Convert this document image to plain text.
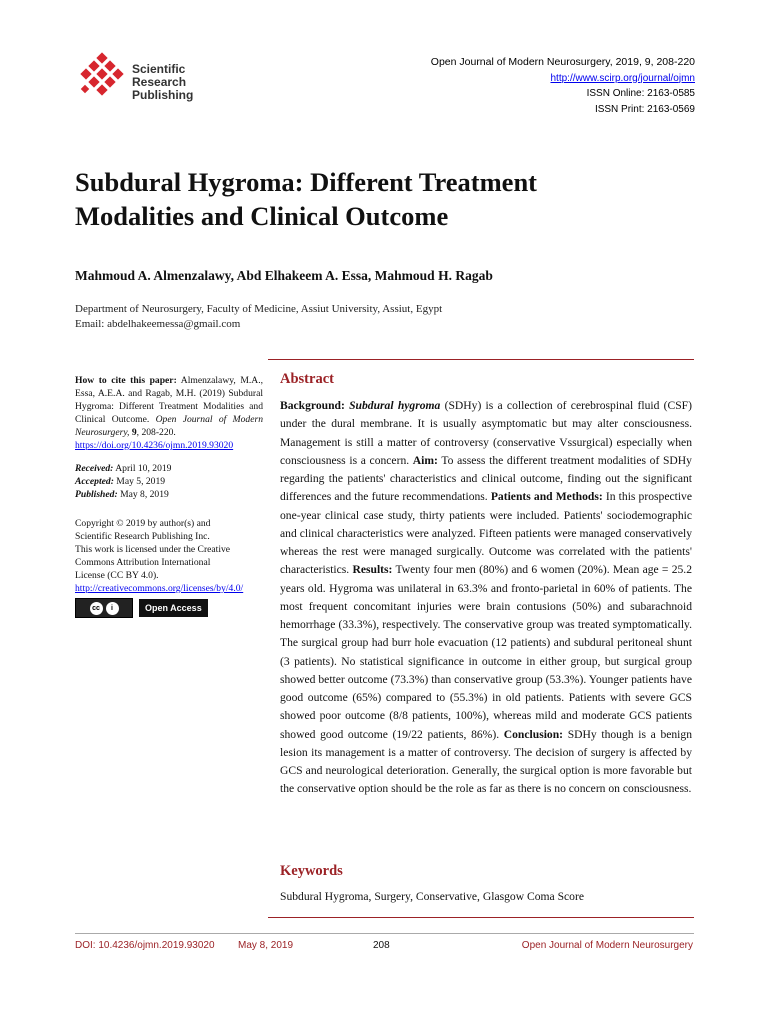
Scientific
Research
Publishing
Open Journal of Modern Neurosurgery, 2019, 9, 208-220
http://www.scirp.org/journal/ojmn
ISSN Online: 2163-0585
ISSN Print: 2163-0569
Subdural Hygroma: Different Treatment Modalities and Clinical Outcome
Mahmoud A. Almenzalawy, Abd Elhakeem A. Essa, Mahmoud H. Ragab
Department of Neurosurgery, Faculty of Medicine, Assiut University, Assiut, Egypt
Email: abdelhakeemessa@gmail.com

How to cite this paper: Almenzalawy, M.A., Essa, A.E.A. and Ragab, M.H. (2019) Subdural Hygroma: Different Treatment Modalities and Clinical Outcome. Open Journal of Modern Neurosurgery, 9, 208-220.
https://doi.org/10.4236/ojmn.2019.93020

Received: April 10, 2019
Accepted: May 5, 2019
Published: May 8, 2019
Copyright © 2019 by author(s) and
Scientific Research Publishing Inc.
This work is licensed under the Creative
Commons Attribution International
License (CC BY 4.0).
http://creativecommons.org/licenses/by/4.0/
cc	i	Open Access
Abstract

Background: Subdural hygroma (SDHy) is a collection of cerebrospinal fluid (CSF) under the dural membrane. It is usually asymptomatic but may alter consciousness. Management is still a matter of controversy (conservative Vssurgical) especially when consciousness is a concern. Aim: To assess the different treatment modalities of SDHy regarding the patients' characteristics and clinical outcome, finding out the significant differences and the future recommendations. Patients and Methods: In this prospective one-year clinical case study, thirty patients were included. Patients' sociodemographic and clinical characteristics were analyzed. Fifteen patients were managed conservatively whereas the rest were managed surgically. Outcome was correlated with the patients' characteristics. Results: Twenty four men (80%) and 6 women (20%). Mean age = 25.2 years old. Hygroma was unilateral in 63.3% and fronto-parietal in 60% of patients. The most frequent concomitant injuries were brain contusions (50%) and subarachnoid hemorrhage (33.3%), respectively. The conservative group was treated symptomatically. The surgical group had burr hole evacuation (12 patients) and subdural peritoneal shunt (3 patients). No statistical significance in outcome in either group, but surgical group showed better outcome (73.3%) than conservative group (53.3%). Younger patients have good outcome (65%) compared to (55.3%) in old patients. Patients with severe GCS showed poor outcome (8/8 patients, 100%), whereas mild and moderate GCS patients showed good outcome (19/22 patients, 86%). Conclusion: SDHy though is a benign lesion its management is a matter of controversy. The decision of surgery is affected by GCS and neurological deterioration. Generally, the surgical option is more favorable but the conservative option should be the role as far as there is no concern on consciousness.

Keywords
Subdural Hygroma, Surgery, Conservative, Glasgow Coma Score
DOI: 10.4236/ojmn.2019.93020 May 8, 2019	208	Open Journal of Modern Neurosurgery
